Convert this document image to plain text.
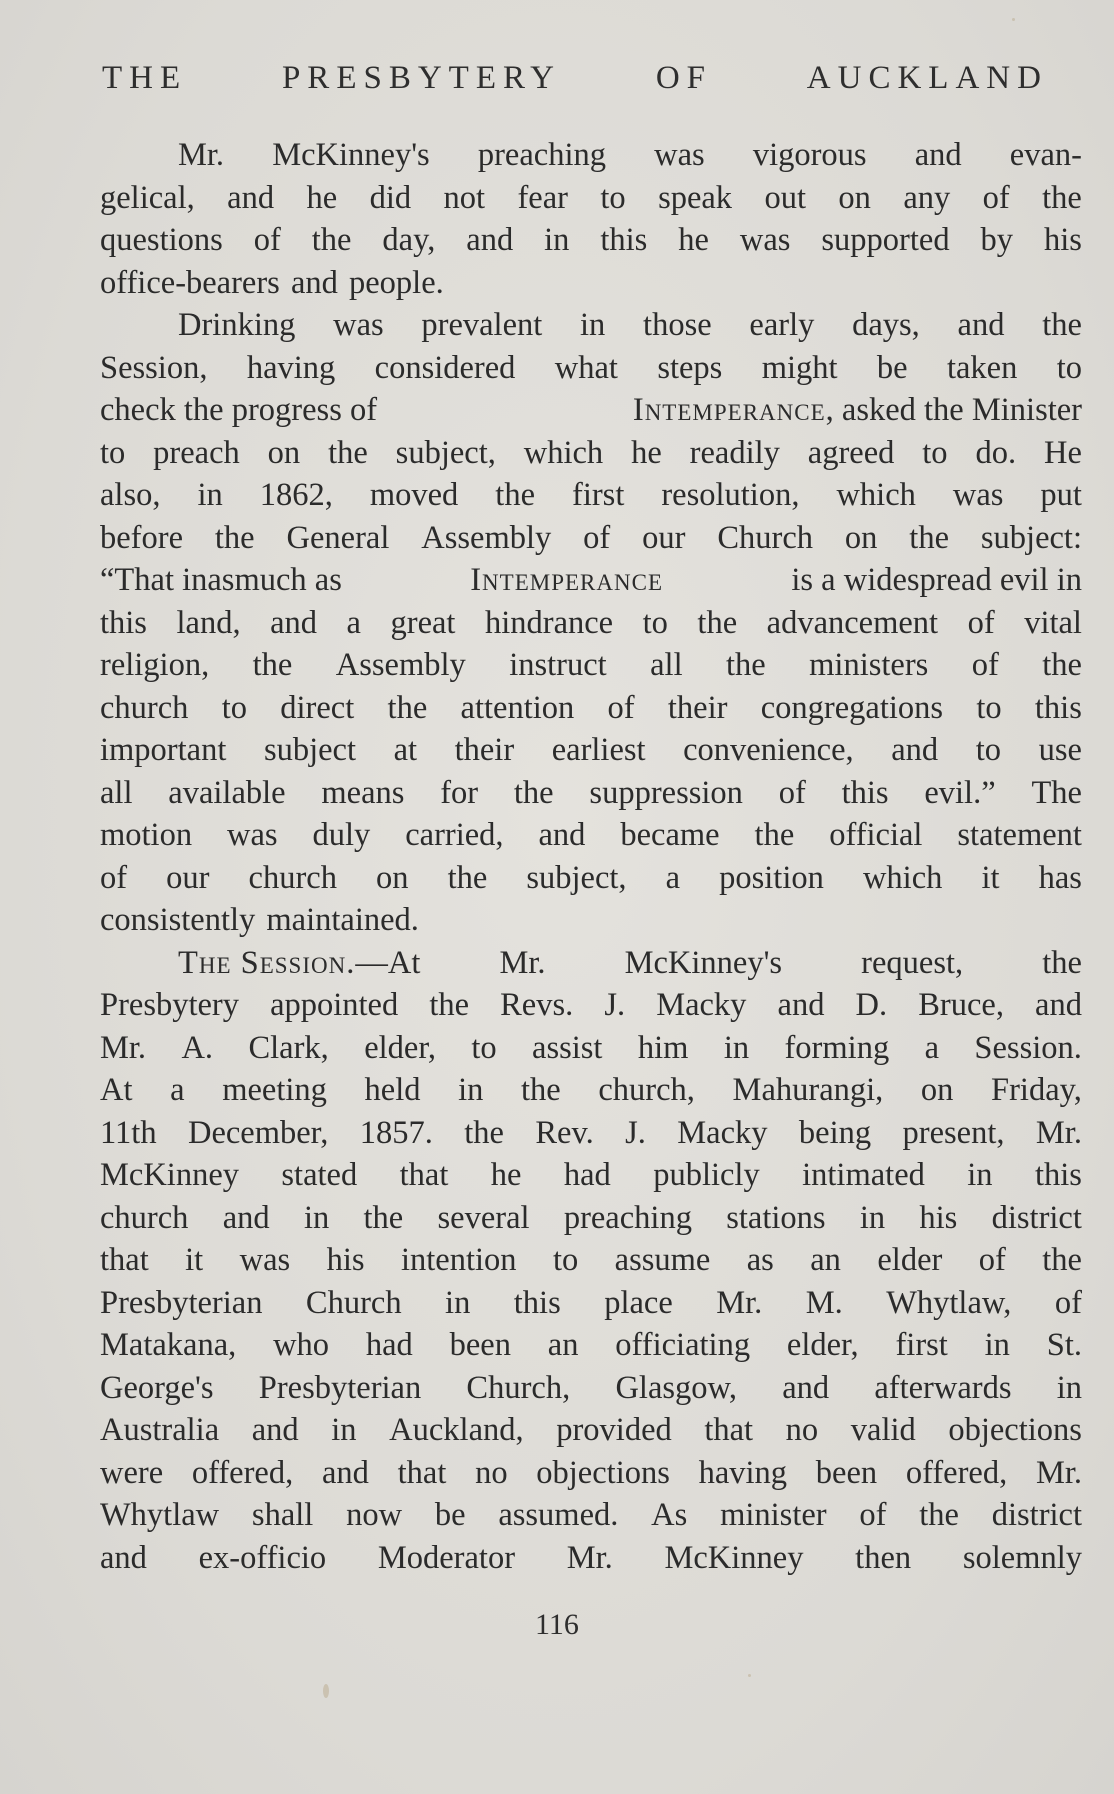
THE	PRESBYTERY	OF	AUCKLAND
Mr. McKinney's preaching was vigorous and evan-
gelical, and he did not fear to speak out on any of the
questions of the day, and in this he was supported by his
office-bearers and people.
Drinking was prevalent in those early days, and the
Session, having considered what steps might be taken to
check the progress of	Intemperance, asked the Minister
to preach on the subject, which he readily agreed to do. He
also, in 1862, moved the first resolution, which was put
before the General Assembly of our Church on the subject:
“That inasmuch as	Intemperance	is a widespread evil in
this land, and a great hindrance to the advancement of vital
religion, the Assembly instruct all the ministers of the
church to direct the attention of their congregations to this
important subject at their earliest convenience, and to use
all available means for the suppression of this evil.” The
motion was duly carried, and became the official statement
of our church on the subject, a position which it has
consistently maintained.
The Session.—At Mr. McKinney's request, the
Presbytery appointed the Revs. J. Macky and D. Bruce, and
Mr. A. Clark, elder, to assist him in forming a Session.
At a meeting held in the church, Mahurangi, on Friday,
11th December, 1857. the Rev. J. Macky being present, Mr.
McKinney stated that he had publicly intimated in this
church and in the several preaching stations in his district
that it was his intention to assume as an elder of the
Presbyterian Church in this place Mr. M. Whytlaw, of
Matakana, who had been an officiating elder, first in St.
George's Presbyterian Church, Glasgow, and afterwards in
Australia and in Auckland, provided that no valid objections
were offered, and that no objections having been offered, Mr.
Whytlaw shall now be assumed. As minister of the district
and ex-officio Moderator Mr. McKinney then solemnly
116
